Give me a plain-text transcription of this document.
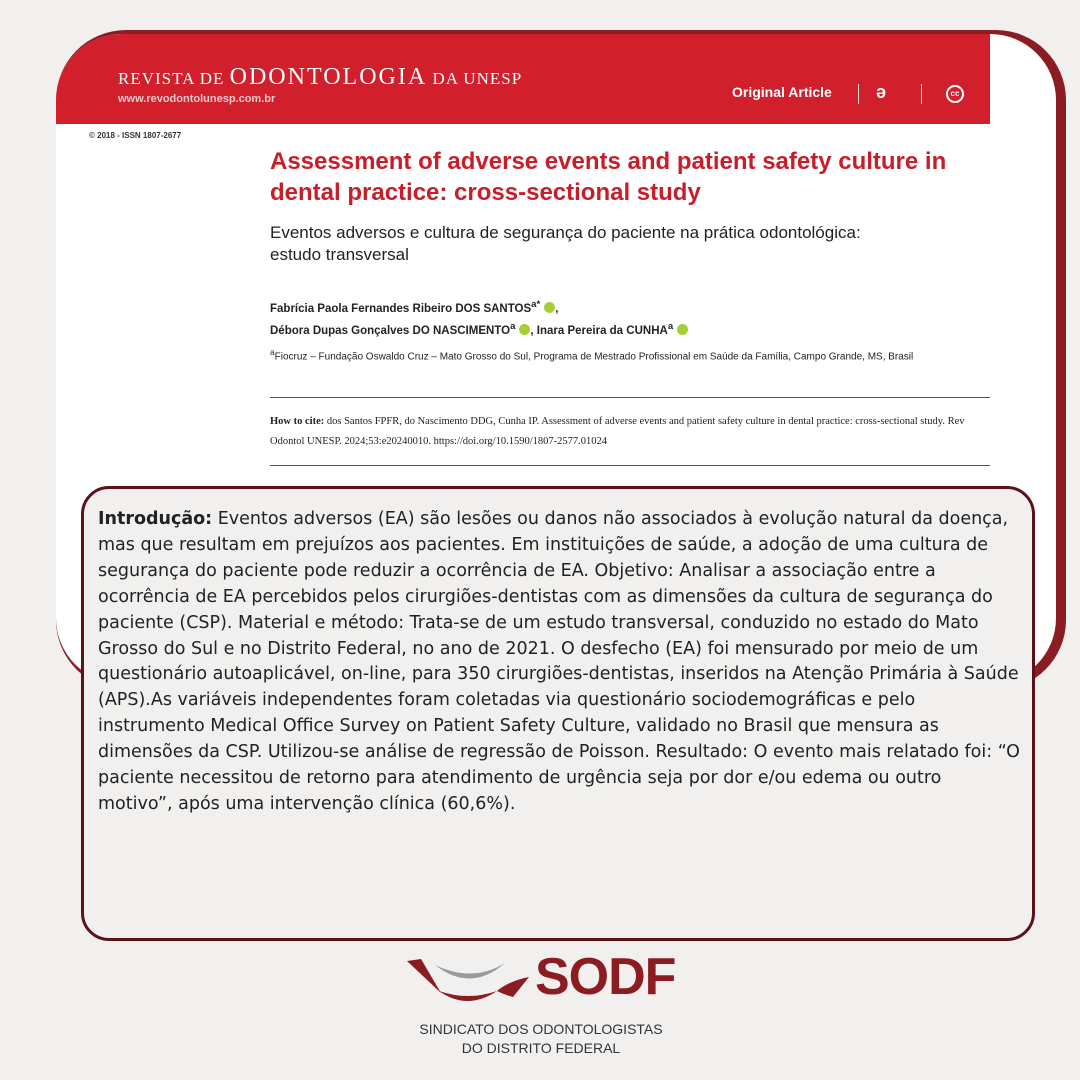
REVISTA DE ODONTOLOGIA DA UNESP
www.revodontolunesp.com.br	Original Article ə	cc
© 2018 - ISSN 1807-2677
Assessment of adverse events and patient safety culture in dental practice: cross-sectional study
Eventos adversos e cultura de segurança do paciente na prática odontológica: estudo transversal
Fabrícia Paola Fernandes Ribeiro DOS $SANTOS^{a*}$ ,
Débora Dupas Gonçalves DO NASCIMENTO$^a$ , Inara Pereira da CUNHA$^a$
$^a$Fiocruz – Fundação Oswaldo Cruz – Mato Grosso do Sul, Programa de Mestrado Profissional em Saúde da Família, Campo Grande, MS, Brasil
How to cite: dos Santos FPFR, do Nascimento DDG, Cunha IP. Assessment of adverse events and patient safety culture in dental practice: cross-sectional study. Rev Odontol UNESP. 2024;53:e20240010. https://doi.org/10.1590/1807-2577.01024

Introdução: Eventos adversos (EA) são lesões ou danos não associados à evolução natural da doença, mas que resultam em prejuízos aos pacientes. Em instituições de saúde, a adoção de uma cultura de segurança do paciente pode reduzir a ocorrência de EA. Objetivo: Analisar a associação entre a ocorrência de EA percebidos pelos cirurgiões-dentistas com as dimensões da cultura de segurança do paciente (CSP). Material e método: Trata-se de um estudo transversal, conduzido no estado do Mato Grosso do Sul e no Distrito Federal, no ano de 2021. O desfecho (EA) foi mensurado por meio de um questionário autoaplicável, on-line, para 350 cirurgiões-dentistas, inseridos na Atenção Primária à Saúde (APS).As variáveis independentes foram coletadas via questionário sociodemográficas e pelo instrumento Medical Office Survey on Patient Safety Culture, validado no Brasil que mensura as dimensões da CSP. Utilizou-se análise de regressão de Poisson. Resultado: O evento mais relatado foi: “O paciente necessitou de retorno para atendimento de urgência seja por dor e/ou edema ou outro motivo”, após uma intervenção clínica (60,6%).

SODF
SINDICATO DOS ODONTOLOGISTAS
DO DISTRITO FEDERAL
